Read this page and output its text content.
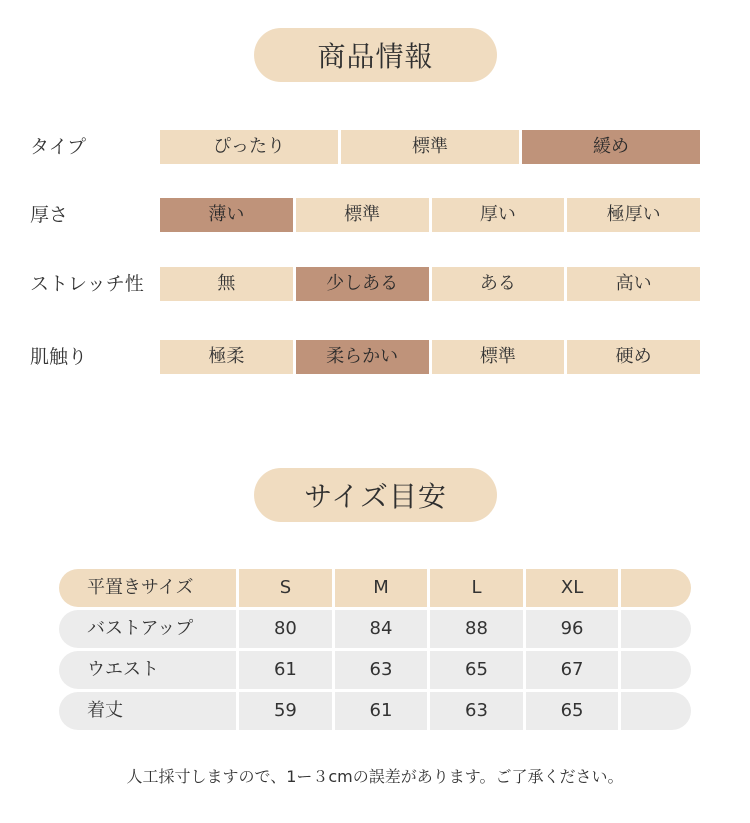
商品情報
タイプ	ぴったり	標準	緩め
厚さ	薄い	標準	厚い	極厚い
ストレッチ性	無	少しある	ある	高い
肌触り	極柔	柔らかい	標準	硬め
サイズ目安
平置きサイズ	S	M	L	XL
バストアップ	80	84	88	96
ウエスト	61	63	65	67
着丈	59	61	63	65
人工採寸しますので、1ー３cmの誤差があります。ご了承ください。
